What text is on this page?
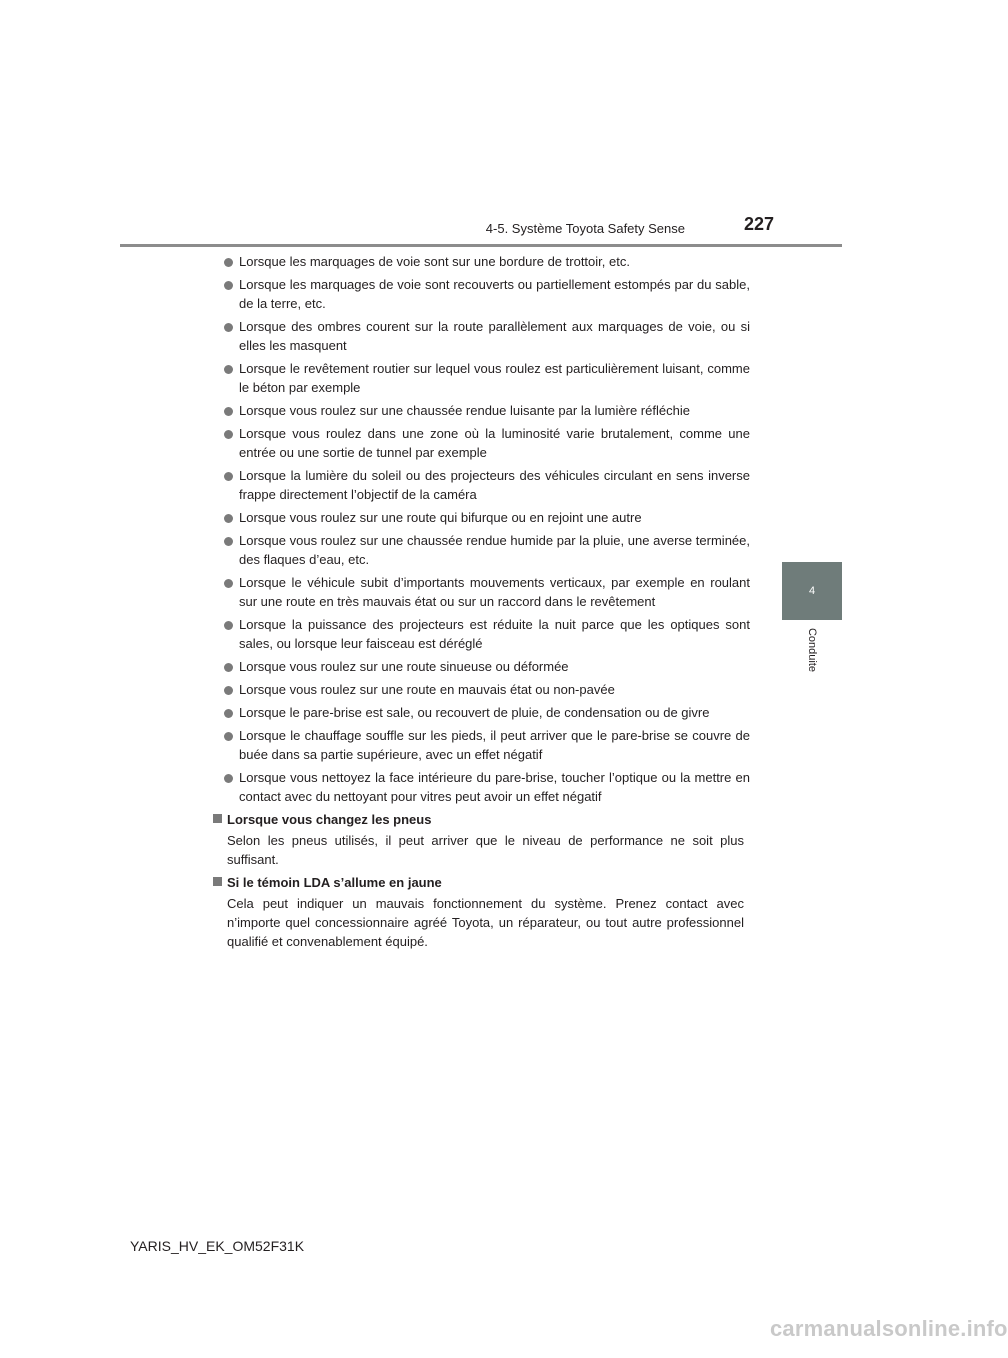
4-5. Système Toyota Safety Sense	227
4
Conduite
Lorsque les marquages de voie sont sur une bordure de trottoir, etc.
Lorsque les marquages de voie sont recouverts ou partiellement estompés par du sable, de la terre, etc.
Lorsque des ombres courent sur la route parallèlement aux marquages de voie, ou si elles les masquent
Lorsque le revêtement routier sur lequel vous roulez est particulièrement luisant, comme le béton par exemple
Lorsque vous roulez sur une chaussée rendue luisante par la lumière réfléchie
Lorsque vous roulez dans une zone où la luminosité varie brutalement, comme une entrée ou une sortie de tunnel par exemple
Lorsque la lumière du soleil ou des projecteurs des véhicules circulant en sens inverse frappe directement l’objectif de la caméra
Lorsque vous roulez sur une route qui bifurque ou en rejoint une autre
Lorsque vous roulez sur une chaussée rendue humide par la pluie, une averse terminée, des flaques d’eau, etc.
Lorsque le véhicule subit d’importants mouvements verticaux, par exemple en roulant sur une route en très mauvais état ou sur un raccord dans le revêtement
Lorsque la puissance des projecteurs est réduite la nuit parce que les optiques sont sales, ou lorsque leur faisceau est déréglé
Lorsque vous roulez sur une route sinueuse ou déformée
Lorsque vous roulez sur une route en mauvais état ou non-pavée
Lorsque le pare-brise est sale, ou recouvert de pluie, de condensation ou de givre
Lorsque le chauffage souffle sur les pieds, il peut arriver que le pare-brise se couvre de buée dans sa partie supérieure, avec un effet négatif
Lorsque vous nettoyez la face intérieure du pare-brise, toucher l’optique ou la mettre en contact avec du nettoyant pour vitres peut avoir un effet négatif
Lorsque vous changez les pneus
Selon les pneus utilisés, il peut arriver que le niveau de performance ne soit plus suffisant.
Si le témoin LDA s’allume en jaune
Cela peut indiquer un mauvais fonctionnement du système. Prenez contact avec n’importe quel concessionnaire agréé Toyota, un réparateur, ou tout autre professionnel qualifié et convenablement équipé.
YARIS_HV_EK_OM52F31K
carmanualsonline.info
